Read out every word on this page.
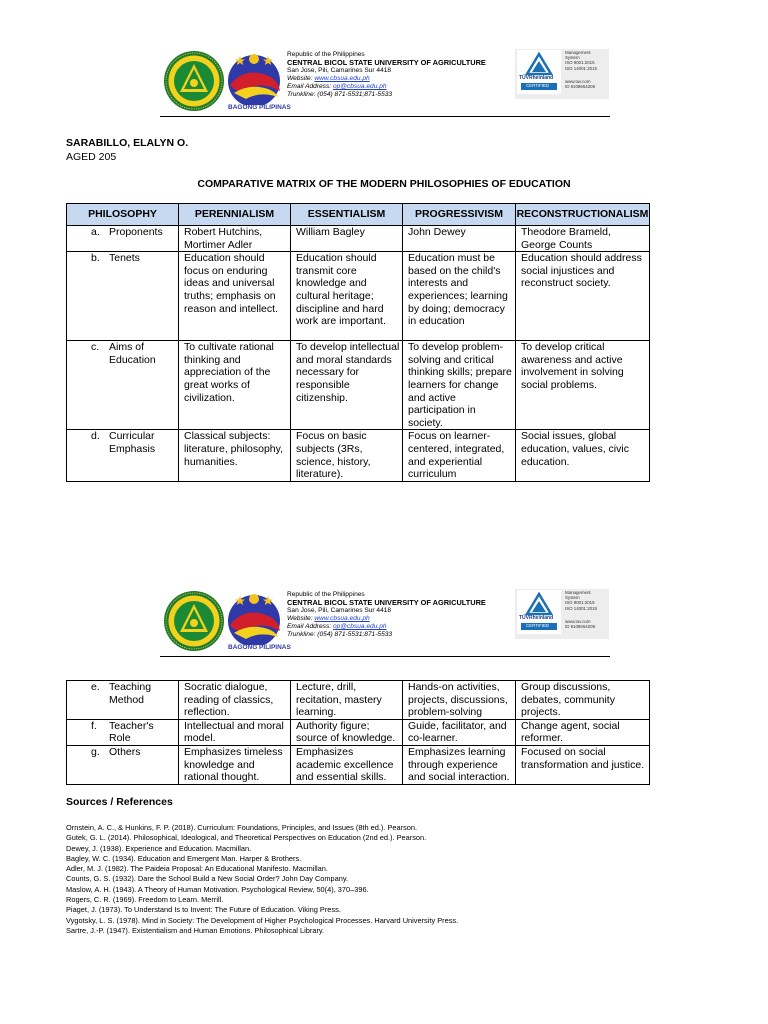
BAGONG PILIPINAS
Republic of the Philippines
CENTRAL BICOL STATE UNIVERSITY OF AGRICULTURE
San Jose, Pili, Camarines Sur 4418
Website: www.cbsua.edu.ph
Email Address: op@cbsua.edu.ph
Trunkline: (054) 871-5531;871-5533
TÜVRheinland
CERTIFIED
Management
System
ISO 9001:2015
ISO 14001:2015
www.tuv.com
ID 9108664208
BAGONG PILIPINAS
Republic of the Philippines
CENTRAL BICOL STATE UNIVERSITY OF AGRICULTURE
San Jose, Pili, Camarines Sur 4418
Website: www.cbsua.edu.ph
Email Address: op@cbsua.edu.ph
Trunkline: (054) 871-5531;871-5533
TÜVRheinland
CERTIFIED
Management
System
ISO 9001:2015
ISO 14001:2015
www.tuv.com
ID 9108664208
SARABILLO, ELALYN O.
AGED 205
COMPARATIVE MATRIX OF THE MODERN PHILOSOPHIES OF EDUCATION
PHILOSOPHY	PERENNIALISM	ESSENTIALISM	PROGRESSIVISM	RECONSTRUCTIONALISM

a. Proponents	Robert Hutchins, Mortimer Adler	William Bagley	John Dewey	Theodore Brameld, George Counts

b. Tenets	Education should focus on enduring ideas and universal truths; emphasis on reason and intellect.	Education should transmit core knowledge and cultural heritage; discipline and hard work are important.	Education must be based on the child's interests and experiences; learning by doing; democracy in education	Education should address social injustices and reconstruct society.

c. Aims of Education	To cultivate rational thinking and appreciation of the great works of civilization.	To develop intellectual and moral standards necessary for responsible citizenship.	To develop problem-solving and critical thinking skills; prepare learners for change and active participation in society.	To develop critical awareness and active involvement in solving social problems.

d. Curricular Emphasis	Classical subjects: literature, philosophy, humanities.	Focus on basic subjects (3Rs, science, history, literature).	Focus on learner-centered, integrated, and experiential curriculum	Social issues, global education, values, civic education.
e. Teaching Method	Socratic dialogue, reading of classics, reflection.	Lecture, drill, recitation, mastery learning.	Hands-on activities, projects, discussions, problem-solving	Group discussions, debates, community projects.

f. Teacher's Role	Intellectual and moral model.	Authority figure; source of knowledge.	Guide, facilitator, and co-learner.	Change agent, social reformer.

g. Others	Emphasizes timeless knowledge and rational thought.	Emphasizes academic excellence and essential skills.	Emphasizes learning through experience and social interaction.	Focused on social transformation and justice.
Sources / References
Ornstein, A. C., & Hunkins, F. P. (2018). Curriculum: Foundations, Principles, and Issues (8th ed.). Pearson.
Gutek, G. L. (2014). Philosophical, Ideological, and Theoretical Perspectives on Education (2nd ed.). Pearson.
Dewey, J. (1938). Experience and Education. Macmillan.
Bagley, W. C. (1934). Education and Emergent Man. Harper & Brothers.
Adler, M. J. (1982). The Paideia Proposal: An Educational Manifesto. Macmillan.
Counts, G. S. (1932). Dare the School Build a New Social Order? John Day Company.
Maslow, A. H. (1943). A Theory of Human Motivation. Psychological Review, 50(4), 370–396.
Rogers, C. R. (1969). Freedom to Learn. Merrill.
Piaget, J. (1973). To Understand Is to Invent: The Future of Education. Viking Press.
Vygotsky, L. S. (1978). Mind in Society: The Development of Higher Psychological Processes. Harvard University Press.
Sartre, J.-P. (1947). Existentialism and Human Emotions. Philosophical Library.
